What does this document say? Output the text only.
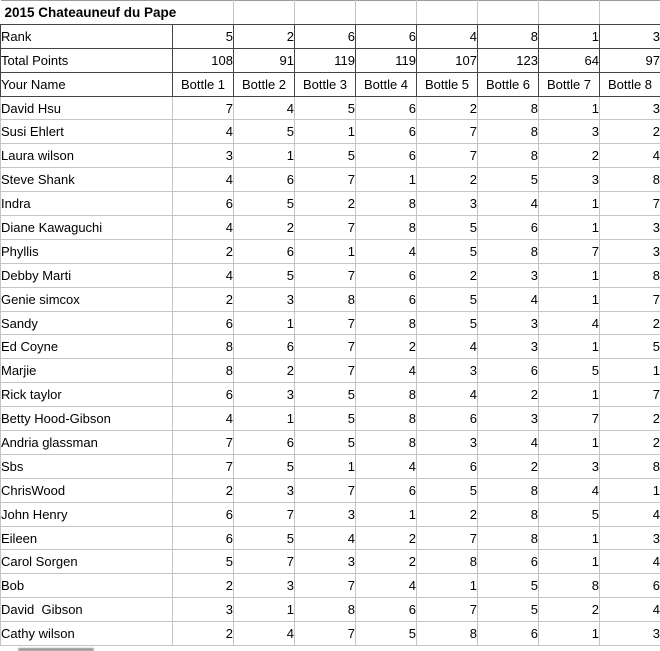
2015 Chateauneuf du Pape								
Rank	5	2	6	6	4	8	1	3
Total Points	108	91	119	119	107	123	64	97
Your Name	Bottle 1	Bottle 2	Bottle 3	Bottle 4	Bottle 5	Bottle 6	Bottle 7	Bottle 8
David Hsu	7	4	5	6	2	8	1	3
Susi Ehlert	4	5	1	6	7	8	3	2
Laura wilson	3	1	5	6	7	8	2	4
Steve Shank	4	6	7	1	2	5	3	8
Indra	6	5	2	8	3	4	1	7
Diane Kawaguchi	4	2	7	8	5	6	1	3
Phyllis	2	6	1	4	5	8	7	3
Debby Marti	4	5	7	6	2	3	1	8
Genie simcox	2	3	8	6	5	4	1	7
Sandy	6	1	7	8	5	3	4	2
Ed Coyne	8	6	7	2	4	3	1	5
Marjie	8	2	7	4	3	6	5	1
Rick taylor	6	3	5	8	4	2	1	7
Betty Hood-Gibson	4	1	5	8	6	3	7	2
Andria glassman	7	6	5	8	3	4	1	2
Sbs	7	5	1	4	6	2	3	8
ChrisWood	2	3	7	6	5	8	4	1
John Henry	6	7	3	1	2	8	5	4
Eileen	6	5	4	2	7	8	1	3
Carol Sorgen	5	7	3	2	8	6	1	4
Bob	2	3	7	4	1	5	8	6
David  Gibson	3	1	8	6	7	5	2	4
Cathy wilson	2	4	7	5	8	6	1	3
